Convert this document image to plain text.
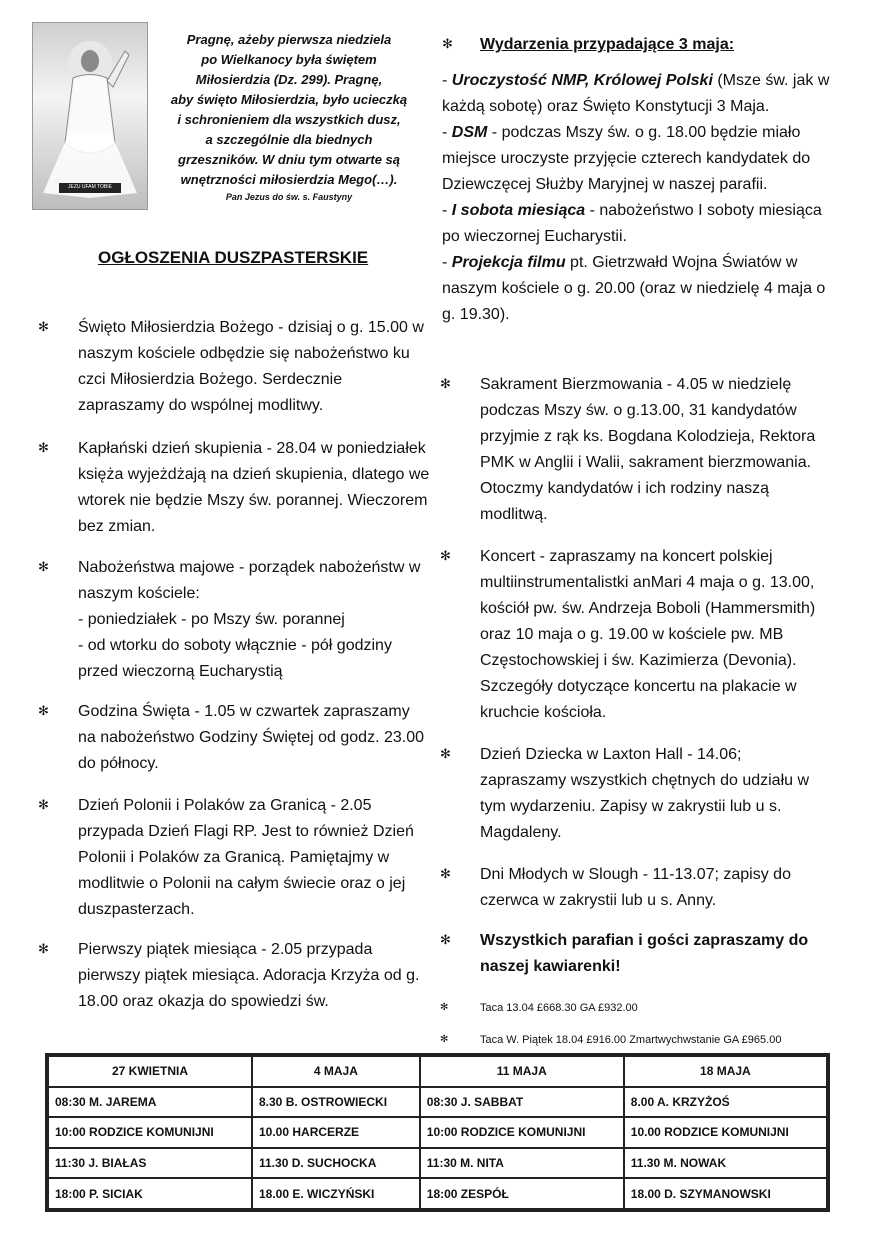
JEZU UFAM TOBIE
Pragnę, ażeby pierwsza niedziela
po Wielkanocy była świętem
Miłosierdzia (Dz. 299). Pragnę,
aby święto Miłosierdzia, było ucieczką
i schronieniem dla wszystkich dusz,
a szczególnie dla biednych
grzeszników. W dniu tym otwarte są
wnętrzności miłosierdzia Mego(…).
Pan Jezus do św. s. Faustyny
OGŁOSZENIA DUSZPASTERSKIE
✻ Święto Miłosierdzia Bożego - dzisiaj o g. 15.00 w naszym kościele odbędzie się nabożeństwo ku czci Miłosierdzia Bożego. Serdecznie zapraszamy do wspólnej modlitwy.
✻ Kapłański dzień skupienia - 28.04 w poniedziałek księża wyjeżdżają na dzień skupienia, dlatego we wtorek nie będzie Mszy św. porannej. Wieczorem bez zmian.
✻ Nabożeństwa majowe - porządek nabożeństw w naszym kościele:
- poniedziałek - po Mszy św. porannej
- od wtorku do soboty włącznie - pół godziny przed wieczorną Eucharystią
✻ Godzina Święta - 1.05 w czwartek zapraszamy na nabożeństwo Godziny Świętej od godz. 23.00 do północy.
✻ Dzień Polonii i Polaków za Granicą - 2.05 przypada Dzień Flagi RP. Jest to również Dzień Polonii i Polaków za Granicą. Pamiętajmy w modlitwie o Polonii na całym świecie oraz o jej duszpasterzach.
✻ Pierwszy piątek miesiąca - 2.05 przypada pierwszy piątek miesiąca. Adoracja Krzyża od g. 18.00 oraz okazja do spowiedzi św.
✻ Wydarzenia przypadające 3 maja:
- Uroczystość NMP, Królowej Polski (Msze św. jak w każdą sobotę) oraz Święto Konstytucji 3 Maja.
- DSM - podczas Mszy św. o g. 18.00 będzie miało miejsce uroczyste przyjęcie czterech kandydatek do Dziewczęcej Służby Maryjnej w naszej parafii.
- I sobota miesiąca - nabożeństwo I soboty miesiąca po wieczornej Eucharystii.
- Projekcja filmu pt. Gietrzwałd Wojna Światów w naszym kościele o g. 20.00 (oraz w niedzielę 4 maja o g. 19.30).
✻ Sakrament Bierzmowania - 4.05 w niedzielę podczas Mszy św. o g.13.00, 31 kandydatów przyjmie z rąk ks. Bogdana Kolodziejа, Rektora PMK w Anglii i Walii, sakrament bierzmowania. Otoczmy kandydatów i ich rodziny naszą modlitwą.
✻ Koncert - zapraszamy na koncert polskiej multiinstrumentalistki anMari 4 maja o g. 13.00, kościół pw. św. Andrzeja Boboli (Hammersmith) oraz 10 maja o g. 19.00 w kościele pw. MB Częstochowskiej i św. Kazimierza (Devonia). Szczegóły dotyczące koncertu na plakacie w kruchcie kościoła.
✻ Dzień Dziecka w Laxton Hall - 14.06; zapraszamy wszystkich chętnych do udziału w tym wydarzeniu. Zapisy w zakrystii lub u s. Magdaleny.
✻ Dni Młodych w Slough - 11-13.07; zapisy do czerwca w zakrystii lub u s. Anny.
✻ Wszystkich parafian i gości zapraszamy do naszej kawiarenki!
✻	Taca 13.04 £668.30 GA £932.00
✻	Taca W. Piątek 18.04 £916.00 Zmartwychwstanie GA £965.00
27 KWIETNIA	4 MAJA	11 MAJA	18 MAJA
08:30 M. JAREMA	8.30 B. OSTROWIECKI	08:30 J. SABBAT	8.00 A. KRZYŻOŚ
10:00 RODZICE KOMUNIJNI	10.00 HARCERZE	10:00 RODZICE KOMUNIJNI	10.00 RODZICE KOMUNIJNI
11:30 J. BIAŁAS	11.30 D. SUCHOCKA	11:30 M. NITA	11.30 M. NOWAK
18:00 P. SICIAK	18.00 E. WICZYŃSKI	18:00 ZESPÓŁ	18.00 D. SZYMANOWSKI
